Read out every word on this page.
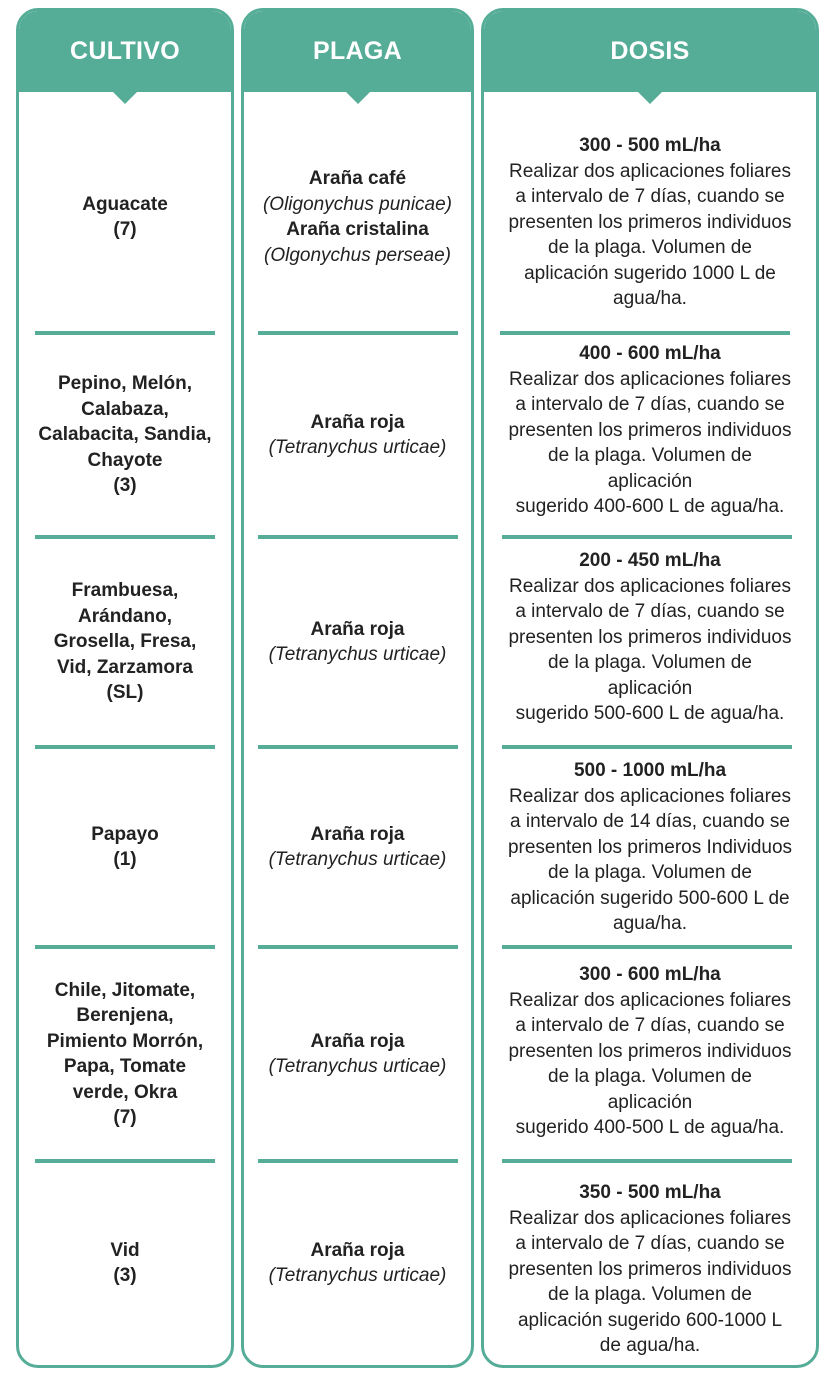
CULTIVO
Aguacate
(7)
Pepino, Melón,
Calabaza,
Calabacita, Sandia,
Chayote
(3)
Frambuesa,
Arándano,
Grosella, Fresa,
Vid, Zarzamora
(SL)
Papayo
(1)
Chile, Jitomate,
Berenjena,
Pimiento Morrón,
Papa, Tomate
verde, Okra
(7)
Vid
(3)
PLAGA
Araña café
(Oligonychus punicae)
Araña cristalina
(Olgonychus perseae)
Araña roja
(Tetranychus urticae)
Araña roja
(Tetranychus urticae)
Araña roja
(Tetranychus urticae)
Araña roja
(Tetranychus urticae)
Araña roja
(Tetranychus urticae)
DOSIS
300 - 500 mL/ha
Realizar dos aplicaciones foliares
a intervalo de 7 días, cuando se
presenten los primeros individuos
de la plaga. Volumen de
aplicación sugerido 1000 L de
agua/ha.
400 - 600 mL/ha
Realizar dos aplicaciones foliares
a intervalo de 7 días, cuando se
presenten los primeros individuos
de la plaga. Volumen de
aplicación
sugerido 400-600 L de agua/ha.
200 - 450 mL/ha
Realizar dos aplicaciones foliares
a intervalo de 7 días, cuando se
presenten los primeros individuos
de la plaga. Volumen de
aplicación
sugerido 500-600 L de agua/ha.
500 - 1000 mL/ha
Realizar dos aplicaciones foliares
a intervalo de 14 días, cuando se
presenten los primeros Individuos
de la plaga. Volumen de
aplicación sugerido 500-600 L de
agua/ha.
300 - 600 mL/ha
Realizar dos aplicaciones foliares
a intervalo de 7 días, cuando se
presenten los primeros individuos
de la plaga. Volumen de
aplicación
sugerido 400-500 L de agua/ha.
350 - 500 mL/ha
Realizar dos aplicaciones foliares
a intervalo de 7 días, cuando se
presenten los primeros individuos
de la plaga. Volumen de
aplicación sugerido 600-1000 L
de agua/ha.
